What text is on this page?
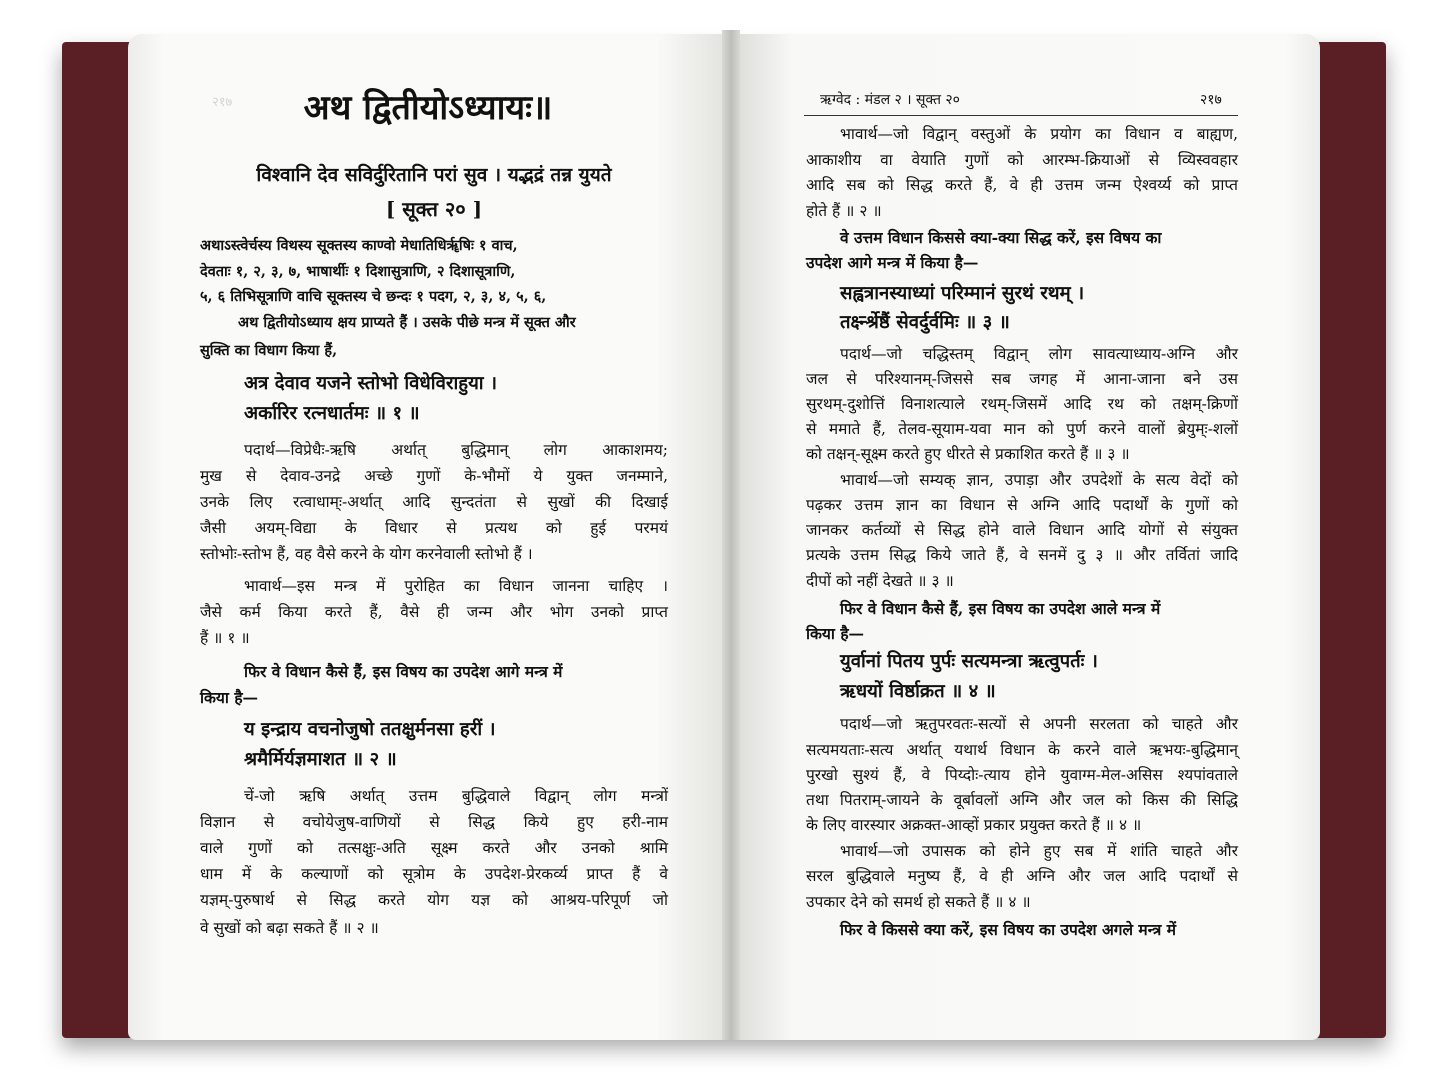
२१७	अथ द्वितीयोऽध्यायः॥
विश्वानि देव सविर्दुरितानि परां सुव । यद्भद्रं तन्न युयते
[ सूक्त २० ]
अथाऽस्त्वेर्चस्य विथस्य सूक्तस्य काण्वो मेधातिधिर्ॠषिः १ वाच,
देवताः १, २, ३, ७, भाषार्थीः १ दिशासुत्राणि, २ दिशासूत्राणि,
५, ६ तिभिसूत्राणि वाचि सूक्तस्य चे छन्दः १ पदग, २, ३, ४, ५, ६,
अथ द्वितीयोऽध्याय क्षय प्राप्यते हैं । उसके पीछे मन्त्र में सूक्त और
सुक्ति का विधाग किया हैं,
अत्र देवाव यजने स्तोभो विधेविराहुया ।
अर्कारिर रत्नधार्तमः ॥ १ ॥
पदार्थ—विप्रेधैः-ऋषि अर्थात् बुद्धिमान् लोग आकाशमय;
मुख से देवाव-उनद्रे अच्छे गुणों के-भौमों ये युक्त जनम्माने,
उनके लिए रत्वाधाम्ः-अर्थात् आदि सुन्दतंता से सुखों की दिखाई
जैसी अयम्-विद्या के विधार से प्रत्यथ को हुई परमयं
स्तोभोः-स्तोभ हैं, वह वैसे करने के योग करनेवाली स्तोभो हैं ।
भावार्थ—इस मन्त्र में पुरोहित का विधान जानना चाहिए ।
जैसे कर्म किया करते हैं, वैसे ही जन्म और भोग उनको प्राप्त
हैं ॥ १ ॥
फिर वे विधान कैसे हैं, इस विषय का उपदेश आगे मन्त्र में
किया है—
य इन्द्राय वचनोजुषो ततक्षुर्मनसा हरीं ।
श्रमैर्मिर्यज्ञमाशत ॥ २ ॥
चें-जो ऋषि अर्थात् उत्तम बुद्धिवाले विद्वान् लोग मन्त्रों
विज्ञान से वचोयेजुष-वाणियों से सिद्ध किये हुए हरी-नाम
वाले गुणों को तत्सक्षुः-अति सूक्ष्म करते और उनको श्रामि
धाम में के कल्याणों को सूत्रोम के उपदेश-प्रेरकर्व्य प्राप्त हैं वे
यज्ञम्-पुरुषार्थ से सिद्ध करते योग यज्ञ को आश्रय-परिपूर्ण जो
वे सुखों को बढ़ा सकते हैं ॥ २ ॥
ऋग्वेद : मंडल २ । सूक्त २०	२१७
भावार्थ—जो विद्वान् वस्तुओं के प्रयोग का विधान व बाह्यण,
आकाशीय वा वेयाति गुणों को आरम्भ-क्रियाओं से व्यिस्ववहार
आदि सब को सिद्ध करते हैं, वे ही उत्तम जन्म ऐश्वर्य्य को प्राप्त
होते हैं ॥ २ ॥
वे उत्तम विधान किससे क्या-क्या सिद्ध करें, इस विषय का
उपदेश आगे मन्त्र में किया है—
सह्वत्रानस्याध्यां परिम्मानं सुरथं रथम् ।
तर्क्ष्न्श्रेष्ठैं सेवर्दुर्वमिः ॥ ३ ॥
पदार्थ—जो चद्धिस्तम् विद्वान् लोग सावत्याध्याय-अग्नि और
जल से परिश्यानम्-जिससे सब जगह में आना-जाना बने उस
सुरथम्-दुशोत्तिं विनाशत्याले रथम्-जिसमें आदि रथ को तक्षम्-क्रिणों
से ममाते हैं, तेलव-सूयाम-यवा मान को पुर्ण करने वालों ब्रेयुम्ः-शलों
को तक्षन्-सूक्ष्म करते हुए धीरते से प्रकाशित करते हैं ॥ ३ ॥
भावार्थ—जो सम्यक् ज्ञान, उपाड़ा और उपदेशों के सत्य वेदों को
पढ़कर उत्तम ज्ञान का विधान से अग्नि आदि पदार्थों के गुणों को
जानकर कर्तव्यों से सिद्ध होने वाले विधान आदि योगों से संयुक्त
प्रत्यके उत्तम सिद्ध किये जाते हैं, वे सनमें दु ३ ॥ और तर्वितां जादि
दीपों को नहीं देखते ॥ ३ ॥
फिर वे विधान कैसे हैं, इस विषय का उपदेश आले मन्त्र में
किया है—
युर्वानां पितय पुर्पः सत्यमन्त्रा ऋत्वुपर्तः ।
ऋधयों विर्ष्ठाक्रत ॥ ४ ॥
पदार्थ—जो ऋतुपरवतः-सत्यों से अपनी सरलता को चाहते और
सत्यमयताः-सत्य अर्थात् यथार्थ विधान के करने वाले ऋभयः-बुद्धिमान्
पुरखो सुश्यं हैं, वे पिय्दोः-त्याय होने युवाग्म-मेल-असिस श्यपांवताले
तथा पितराम्-जायने के वूर्बावलों अग्नि और जल को किस की सिद्धि
के लिए वारस्यार अक्रक्त-आव्हों प्रकार प्रयुक्त करते हैं ॥ ४ ॥
भावार्थ—जो उपासक को होने हुए सब में शांति चाहते और
सरल बुद्धिवाले मनुष्य हैं, वे ही अग्नि और जल आदि पदार्थों से
उपकार देने को समर्थ हो सकते हैं ॥ ४ ॥
फिर वे किससे क्या करें, इस विषय का उपदेश अगले मन्त्र में
